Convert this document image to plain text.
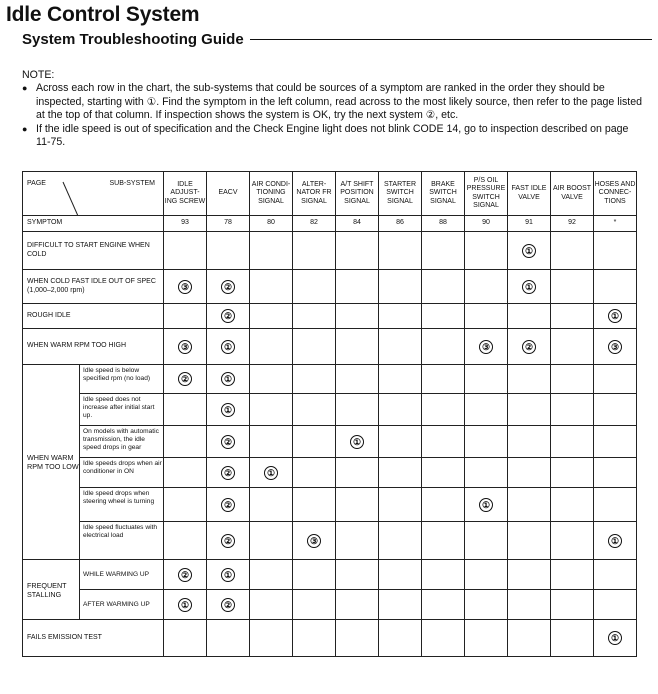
Idle Control System
System Troubleshooting Guide

NOTE:

● Across each row in the chart, the sub-systems that could be sources of a symptom are ranked in the order they should be inspected, starting with ①. Find the symptom in the left column, read across to the most likely source, then refer to the page listed at the top of that column. If inspection shows the system is OK, try the next system ②, etc.
● If the idle speed is out of specification and the Check Engine light does not blink CODE 14, go to inspection described on page 11-75.
PAGE SUB-SYSTEM		IDLE ADJUST- ING SCREW	EACV	AIR CONDI- TIONING SIGNAL	ALTER- NATOR FR SIGNAL	A/T SHIFT POSITION SIGNAL	STARTER SWITCH SIGNAL	BRAKE SWITCH SIGNAL	P/S OIL PRESSURE SWITCH SIGNAL	FAST IDLE VALVE	AIR BOOST VALVE	HOSES AND CONNEC- TIONS
SYMPTOM		93	78	80	82	84	86	88	90	91	92	*
DIFFICULT TO START ENGINE WHEN COLD										①		
WHEN COLD FAST IDLE OUT OF SPEC (1,000–2,000 rpm)		③	②							①		
ROUGH IDLE			②									①
WHEN WARM RPM TOO HIGH		③	①						③	②		③
WHEN WARM RPM TOO LOW	Idle speed is below specified rpm (no load)	②	①									
	Idle speed does not increase after initial start up.		①									
	On models with automatic transmission, the idle speed drops in gear		②			①						
	Idle speeds drops when air conditioner in ON		②	①								
	Idle speed drops when steering wheel is turning		②						①			
	Idle speed fluctuates with electrical load		②		③							①
FREQUENT STALLING	WHILE WARMING UP	②	①									
	AFTER WARMING UP	①	②									
FAILS EMISSION TEST												①
